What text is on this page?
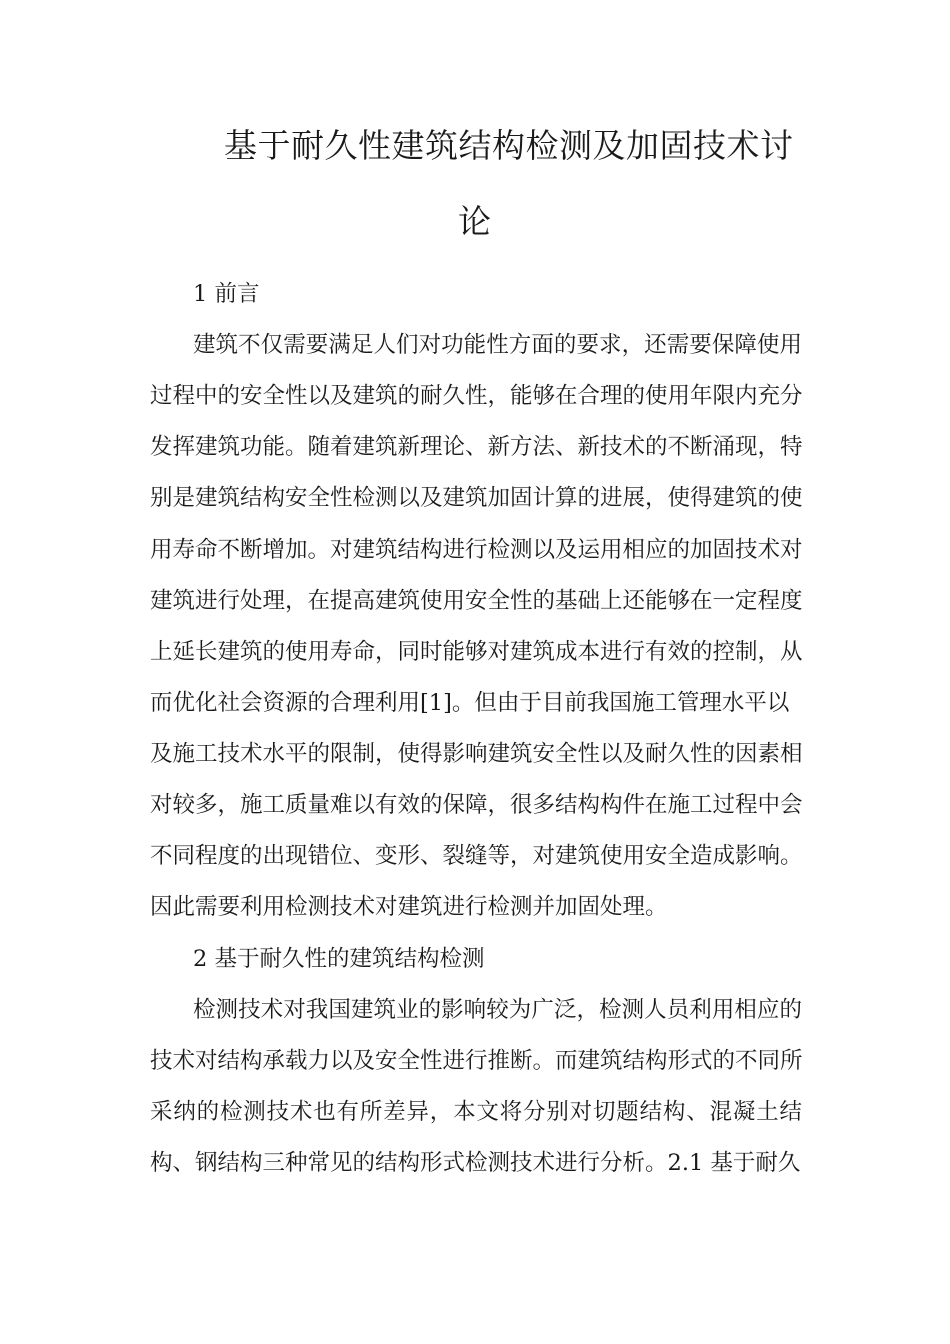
基于耐久性建筑结构检测及加固技术讨
论
1 前言
建筑不仅需要满足人们对功能性方面的要求，还需要保障使用
过程中的安全性以及建筑的耐久性，能够在合理的使用年限内充分
发挥建筑功能。随着建筑新理论、新方法、新技术的不断涌现，特
别是建筑结构安全性检测以及建筑加固计算的进展，使得建筑的使
用寿命不断增加。对建筑结构进行检测以及运用相应的加固技术对
建筑进行处理，在提高建筑使用安全性的基础上还能够在一定程度
上延长建筑的使用寿命，同时能够对建筑成本进行有效的控制，从
而优化社会资源的合理利用[1]。但由于目前我国施工管理水平以
及施工技术水平的限制，使得影响建筑安全性以及耐久性的因素相
对较多，施工质量难以有效的保障，很多结构构件在施工过程中会
不同程度的出现错位、变形、裂缝等，对建筑使用安全造成影响。
因此需要利用检测技术对建筑进行检测并加固处理。
2 基于耐久性的建筑结构检测
检测技术对我国建筑业的影响较为广泛，检测人员利用相应的
技术对结构承载力以及安全性进行推断。而建筑结构形式的不同所
采纳的检测技术也有所差异，本文将分别对切题结构、混凝土结
构、钢结构三种常见的结构形式检测技术进行分析。2.1 基于耐久
